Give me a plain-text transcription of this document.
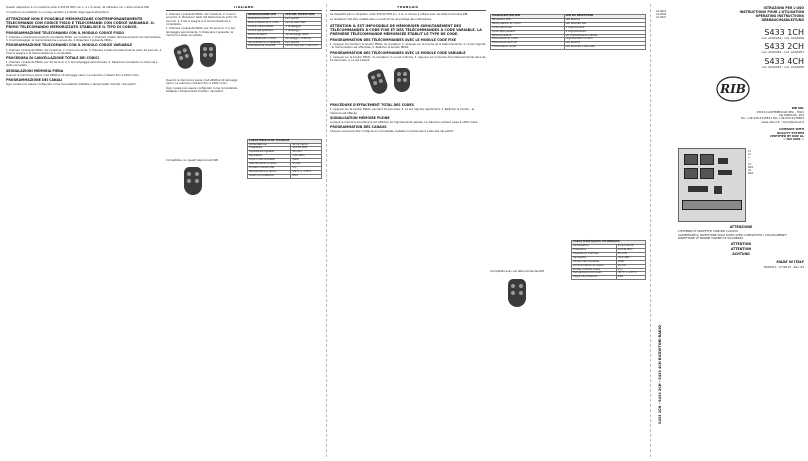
Questo dispositivo è un ricevitore radio a 433,92 MHz con 1, 2 o 4 canali, da utilizzare con i radiocomandi RIB.
Il ricevitore va installato in un luogo asciutto e protetto dagli agenti atmosferici.
ATTENZIONE NON È POSSIBILE MEMORIZZARE CONTEMPORANEAMENTE TELECOMANDI CON CODICE FISSO E TELECOMANDI CON CODICE VARIABILE. IL PRIMO TELECOMANDO MEMORIZZATO STABILISCE IL TIPO DI CODICE.
PROGRAMMAZIONE TELECOMANDI CON IL MODULO CODICE FISSO
1. Premere e mantenere premuto il pulsante PROG. sul ricevitore. 2. Premere il tasto del telecomando da memorizzare. 3. Il led lampeggia: la memorizzazione è avvenuta. 4. Rilasciare il pulsante PROG.
PROGRAMMAZIONE TELECOMANDI CON IL MODULO CODICE VARIABILE
1. Premere il pulsante PROG. del ricevitore. 2. Il led si accende. 3. Premere il tasto del telecomando entro 10 secondi. 4. Il led si spegne e la memorizzazione è completata.
PROCEDURA DI CANCELLAZIONE TOTALE DEI CODICI
1. Premere il pulsante PROG. per 10 secondi. 2. Il led lampeggia velocemente. 3. Rilasciare il pulsante: la memoria è stata cancellata.
SEGNALAZIONI MEMORIA PIENA
Quando la memoria è piena il led effettua 10 lampeggi veloci. La memoria contiene fino a 1000 codici.
PROGRAMMAZIONE DEI CANALI
Ogni canale può essere configurato come monostabile, bistabile o temporizzato tramite i dip-switch.
ITALIANO
1. Premere il pulsante PROG. del ricevitore. 2. Il led si accende. 3. Premere il tasto del telecomando entro 10 secondi. 4. Il led si spegne e la memorizzazione è completata.
1. Premere il pulsante PROG. per 10 secondi. 2. Il led lampeggia velocemente. 3. Rilasciare il pulsante: la memoria è stata cancellata.
Quando la memoria è piena il led effettua 10 lampeggi veloci. La memoria contiene fino a 1000 codici.
Ogni canale può essere configurato come monostabile, bistabile o temporizzato tramite i dip-switch.
SEGNALAZIONE LED	LED DEL RICEVITORE
Ricevitore pronto	Led spento
Memorizzazione in corso	Led acceso fisso
Codice memorizzato	1 lampeggio
Codice già presente	2 lampeggi
Memoria piena	10 lampeggi veloci
Cancellazione in corso	Lampeggio continuo
Cancellazione completata	Led spento
Trasmissione ricevuta	Led acceso per 1 secondo
Compatibile con questi telecomandi RIB
CARATTERISTICHE TECNICHE	
Alimentazione	12-24 Vac/dc
Frequenza	433,92 MHz
Impedenza ingresso	50 ohm
Sensibilità	-110 dBm
Codici memorizzabili	1000
Assorbimento a riposo	15 mA
Portata contatti relè	1 A
Temperatura di lavoro	-20°C ÷ +55°C
Grado di protezione	IP54
FRANÇAIS
Ce dispositif est un récepteur radio 433,92 MHz à 1, 2 ou 4 canaux à utiliser avec les télécommandes RIB.
Le récepteur doit être installé dans un endroit sec et protégé des intempéries.
ATTENTION IL EST IMPOSSIBLE DE MÉMORISER SIMULTANÉMENT DES TÉLÉCOMMANDES À CODE FIXE ET DES TÉLÉCOMMANDES À CODE VARIABLE. LA PREMIÈRE TÉLÉCOMMANDE MÉMORISÉE ÉTABLIT LE TYPE DE CODE.
PROGRAMMATION DES TÉLÉCOMMANDES AVEC LE MODULE CODE FIXE
1. Appuyer et maintenir le bouton PROG. du récepteur. 2. Appuyer sur la touche de la télécommande. 3. La led clignote : la mémorisation est effectuée. 4. Relâcher le bouton PROG.
PROGRAMMATION DES TÉLÉCOMMANDES AVEC LE MODULE CODE VARIABLE
1. Appuyer sur le bouton PROG. du récepteur. 2. La led s'allume. 3. Appuyer sur la touche de la télécommande dans les 10 secondes. 4. La led s'éteint.
PROCÉDURE D'EFFACEMENT TOTAL DES CODES
1. Appuyer sur le bouton PROG. pendant 10 secondes. 2. La led clignote rapidement. 3. Relâcher le bouton : la mémoire est effacée.
SIGNALISATION MÉMOIRE PLEINE
Lorsque la mémoire est pleine la led effectue 10 clignotements rapides. La mémoire contient jusqu'à 1000 codes.
PROGRAMMATION DES CANAUX
Chaque canal peut être configuré en monostable, bistable ou temporisé à l'aide des dip-switch.
SIGNALISATION LED	LED DU RÉCEPTEUR
Récepteur prêt	Led éteinte
Mémorisation en cours	Led allumée fixe
Code mémorisé	1 clignotement
Code déjà présent	2 clignotements
Mémoire pleine	10 clignotements rapides
Effacement en cours	Clignotement continu
Effacement terminé	Led éteinte
Transmission reçue	Led allumée 1 seconde
Compatible avec ces télécommandes RIB
CARACTÉRISTIQUES TECHNIQUES	
Alimentation	12-24 Vac/dc
Fréquence	433,92 MHz
Impédance d'entrée	50 ohm
Sensibilité	-110 dBm
Codes mémorisables	1000
Consommation au repos	15 mA
Portée contacts relais	1 A
Température de travail	-20°C ÷ +55°C
Degré de protection	IP54
S433 1CH - S433 2CH - S433 4CH RICEVITORI RADIO
AA 0019
AA 0020
AA 0021
ISTRUZIONI PER L'USO
INSTRUCTIONS POUR L'UTILISATION
OPERATING INSTRUCTIONS
GEBRAUCHSANLEITUNG
S433 1CH
cod. ACG5051 - cod. ACG5056
S433 2CH
cod. ACG5052 - cod. ACG5057
S433 4CH
cod. ACG5053 - cod. ACG5058
RIB
RIB SRL
25014 CASTENEDOLO (BS) - ITALY
Via Matteotti, 162
Tel. +39.030.2135811 Fax +39.030.2135803
www.ribind.it - ribind@ribind.it
COMPANY WITH
QUALITY SYSTEM
CERTIFIED BY DNV GL
= ISO 9001 =
L1
L2
+
-
C1
NO1
C2
NO2
ATTENZIONE
L'ESTERNO È PROTETTO CONTRO L'ACQUA
ALIMENTARE IL RICEVITORE SOLO DOPO AVER COMPLETATO I COLLEGAMENTI
RISPETTARE LE NORME VIGENTI DI SICUREZZA
ATTENTION
ATTENTION
ACHTUNG
MADE IN ITALY
PSA0011 - 07/2019 - Rev. 04
